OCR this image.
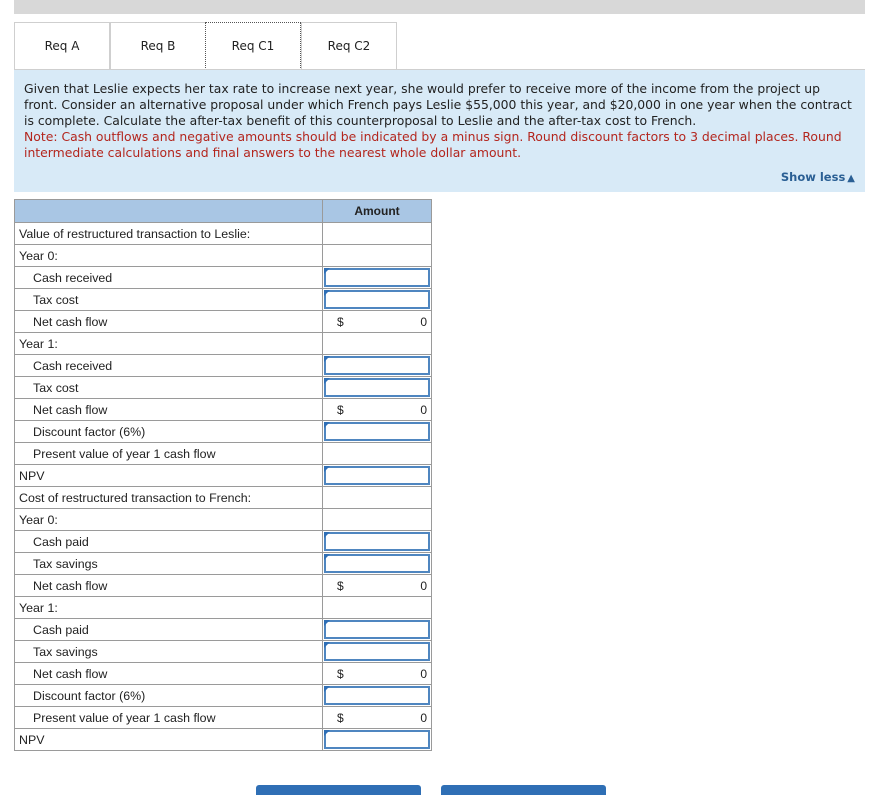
Req A	Req B	Req C1	Req C2

Given that Leslie expects her tax rate to increase next year, she would prefer to receive more of the income from the project up front. Consider an alternative proposal under which French pays Leslie $55,000 this year, and $20,000 in one year when the contract is complete. Calculate the after-tax benefit of this counterproposal to Leslie and the after-tax cost to French.

Note: Cash outflows and negative amounts should be indicated by a minus sign. Round discount factors to 3 decimal places. Round intermediate calculations and final answers to the nearest whole dollar amount.

Show less ▲
	Amount
Value of restructured transaction to Leslie:	
Year 0:	
Cash received	

Tax cost	

Net cash flow	$ 0

Year 1:	
Cash received	

Tax cost	

Net cash flow	$ 0

Discount factor (6%)	

Present value of year 1 cash flow	
NPV	

Cost of restructured transaction to French:	
Year 0:	
Cash paid	

Tax savings	

Net cash flow	$ 0

Year 1:	
Cash paid	

Tax savings	

Net cash flow	$ 0

Discount factor (6%)	

Present value of year 1 cash flow	$ 0

NPV	
